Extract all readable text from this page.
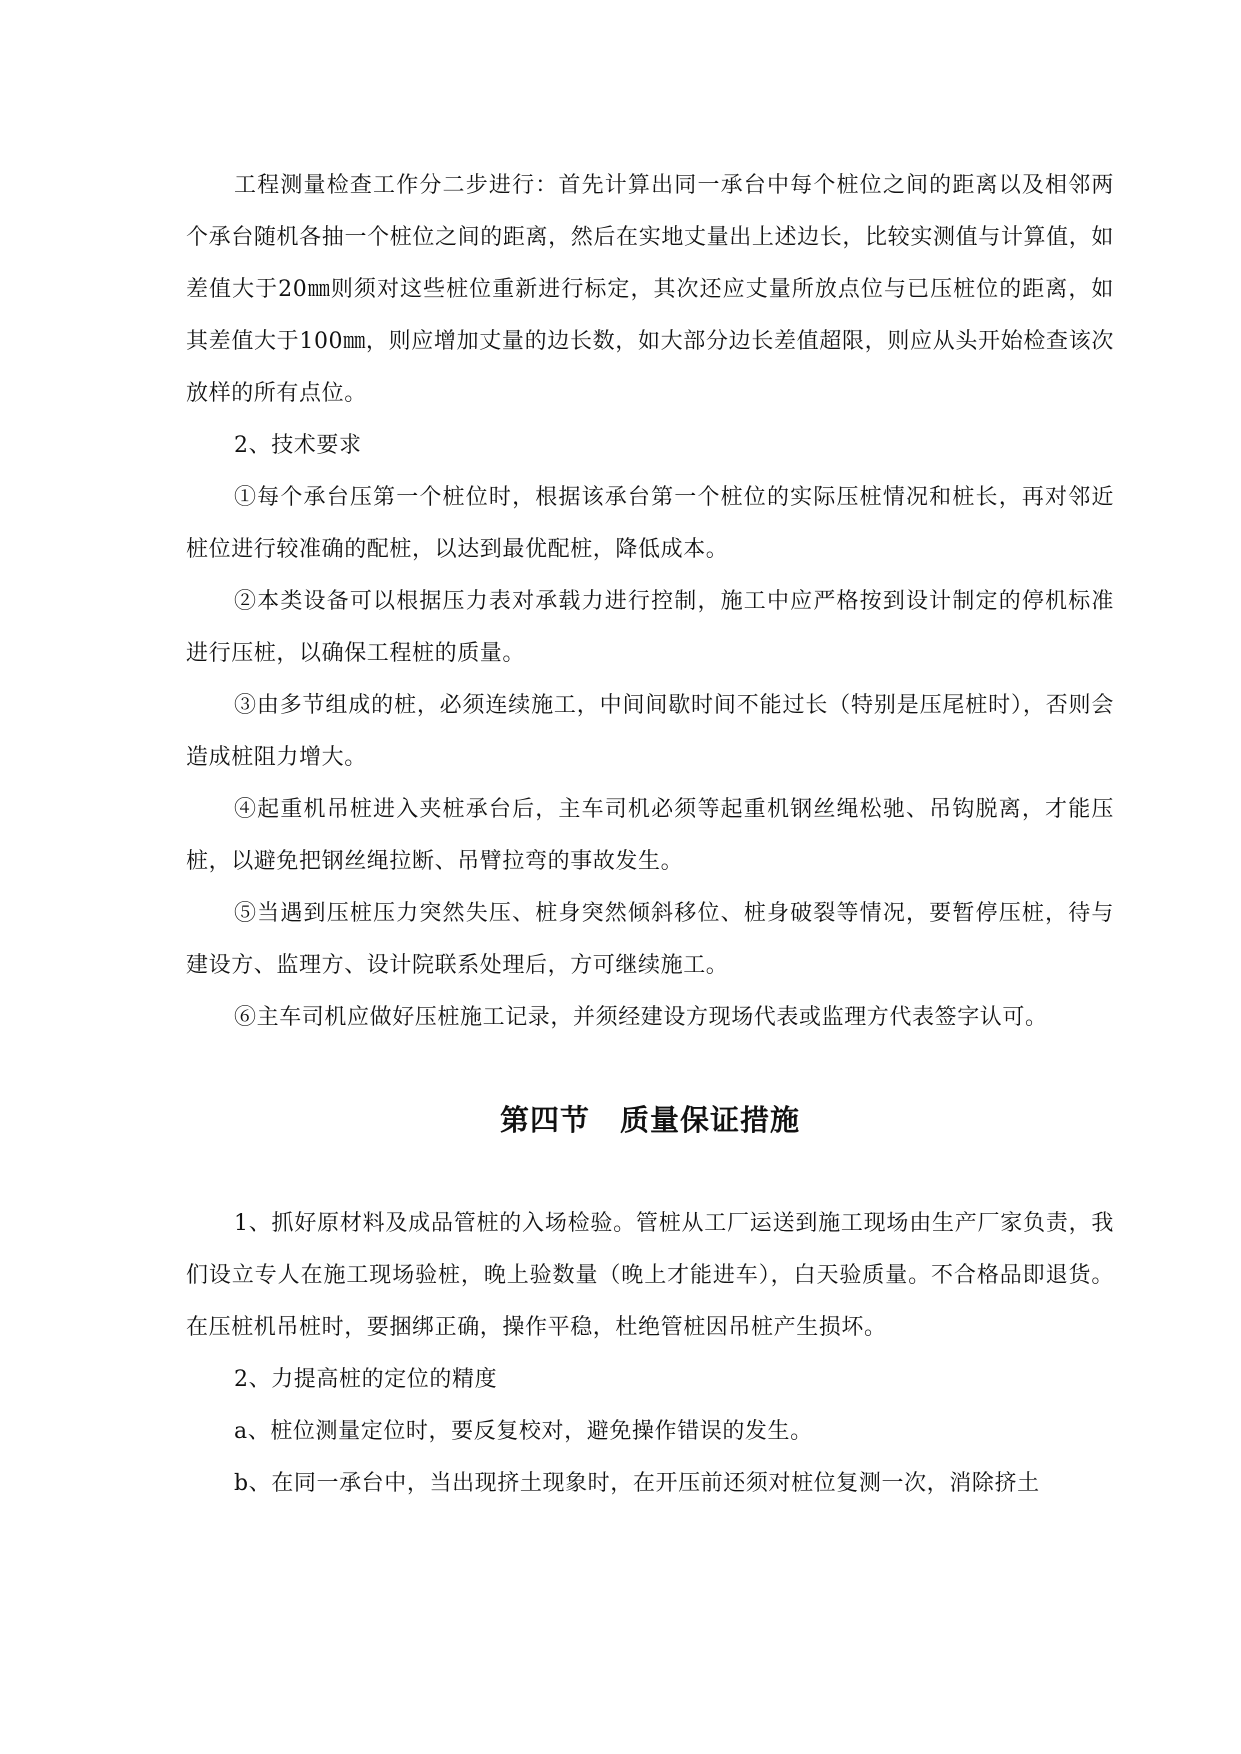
工程测量检查工作分二步进行：首先计算出同一承台中每个桩位之间的距离以及相邻两个承台随机各抽一个桩位之间的距离，然后在实地丈量出上述边长，比较实测值与计算值，如差值大于20㎜则须对这些桩位重新进行标定，其次还应丈量所放点位与已压桩位的距离，如其差值大于100㎜，则应增加丈量的边长数，如大部分边长差值超限，则应从头开始检查该次放样的所有点位。

2、技术要求

①每个承台压第一个桩位时，根据该承台第一个桩位的实际压桩情况和桩长，再对邻近桩位进行较准确的配桩，以达到最优配桩，降低成本。

②本类设备可以根据压力表对承载力进行控制，施工中应严格按到设计制定的停机标准进行压桩，以确保工程桩的质量。

③由多节组成的桩，必须连续施工，中间间歇时间不能过长（特别是压尾桩时），否则会造成桩阻力增大。

④起重机吊桩进入夹桩承台后，主车司机必须等起重机钢丝绳松驰、吊钩脱离，才能压桩，以避免把钢丝绳拉断、吊臂拉弯的事故发生。

⑤当遇到压桩压力突然失压、桩身突然倾斜移位、桩身破裂等情况，要暂停压桩，待与建设方、监理方、设计院联系处理后，方可继续施工。

⑥主车司机应做好压桩施工记录，并须经建设方现场代表或监理方代表签字认可。

第四节　质量保证措施

1、抓好原材料及成品管桩的入场检验。管桩从工厂运送到施工现场由生产厂家负责，我们设立专人在施工现场验桩，晚上验数量（晚上才能进车），白天验质量。不合格品即退货。在压桩机吊桩时，要捆绑正确，操作平稳，杜绝管桩因吊桩产生损坏。

2、力提高桩的定位的精度

a、桩位测量定位时，要反复校对，避免操作错误的发生。

b、在同一承台中，当出现挤土现象时，在开压前还须对桩位复测一次，消除挤土
